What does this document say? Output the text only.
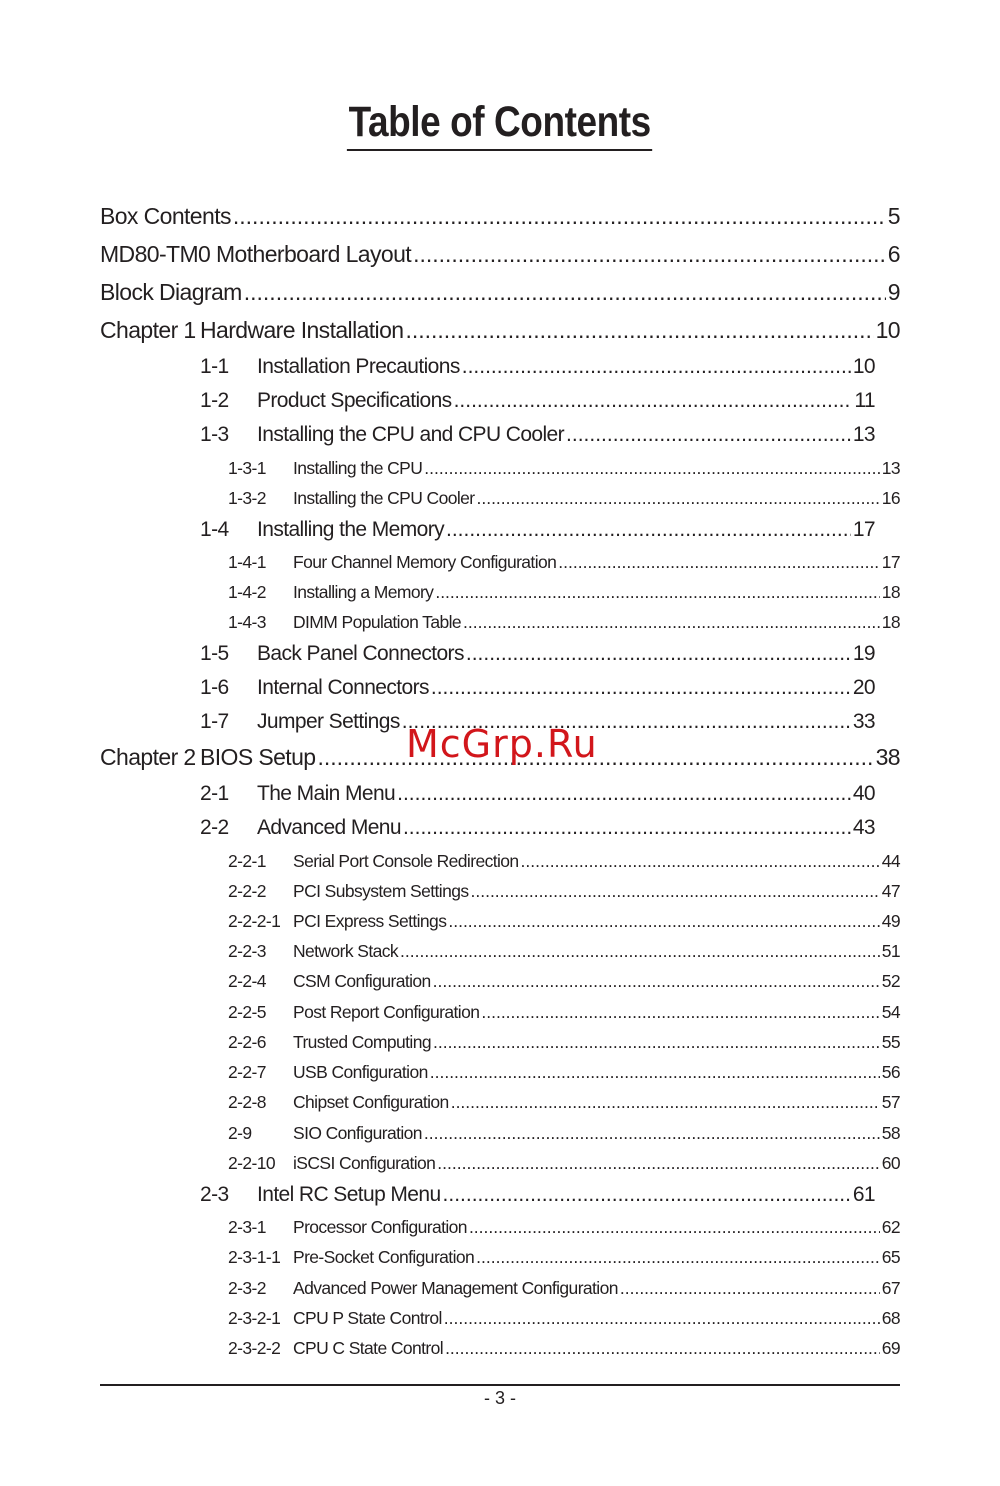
Table of Contents
Box Contents .....	5
MD80-TM0 Motherboard Layout .....	6
Block Diagram .....	9
Chapter 1 Hardware Installation .....	10
1-1	Installation Precautions .....	10
1-2	Product Specifications .....	11
1-3	Installing the CPU and CPU Cooler .....	13
1-3-1	Installing the CPU .....	13
1-3-2	Installing the CPU Cooler .....	16
1-4	Installing the Memory .....	17
1-4-1	Four Channel Memory Configuration .....	17
1-4-2	Installing a Memory .....	18
1-4-3	DIMM Population Table .....	18
1-5	Back Panel Connectors .....	19
1-6	Internal Connectors .....	20
1-7	Jumper Settings .....	33
Chapter 2 BIOS Setup .....	38
2-1	The Main Menu .....	40
2-2	Advanced Menu .....	43
2-2-1	Serial Port Console Redirection .....	44
2-2-2	PCI Subsystem Settings .....	47
2-2-2-1 PCI Express Settings .....	49
2-2-3	Network Stack .....	51
2-2-4	CSM Configuration .....	52
2-2-5	Post Report Configuration .....	54
2-2-6	Trusted Computing .....	55
2-2-7	USB Configuration .....	56
2-2-8	Chipset Configuration .....	57
2-9	SIO Configuration .....	58
2-2-10	iSCSI Configuration .....	60
2-3	Intel RC Setup Menu .....	61
2-3-1	Processor Configuration .....	62
2-3-1-1 Pre-Socket Configuration .....	65
2-3-2	Advanced Power Management Configuration .....	67
2-3-2-1 CPU P State Control .....	68
2-3-2-2 CPU C State Control .....	69
McGrp.Ru
- 3 -
